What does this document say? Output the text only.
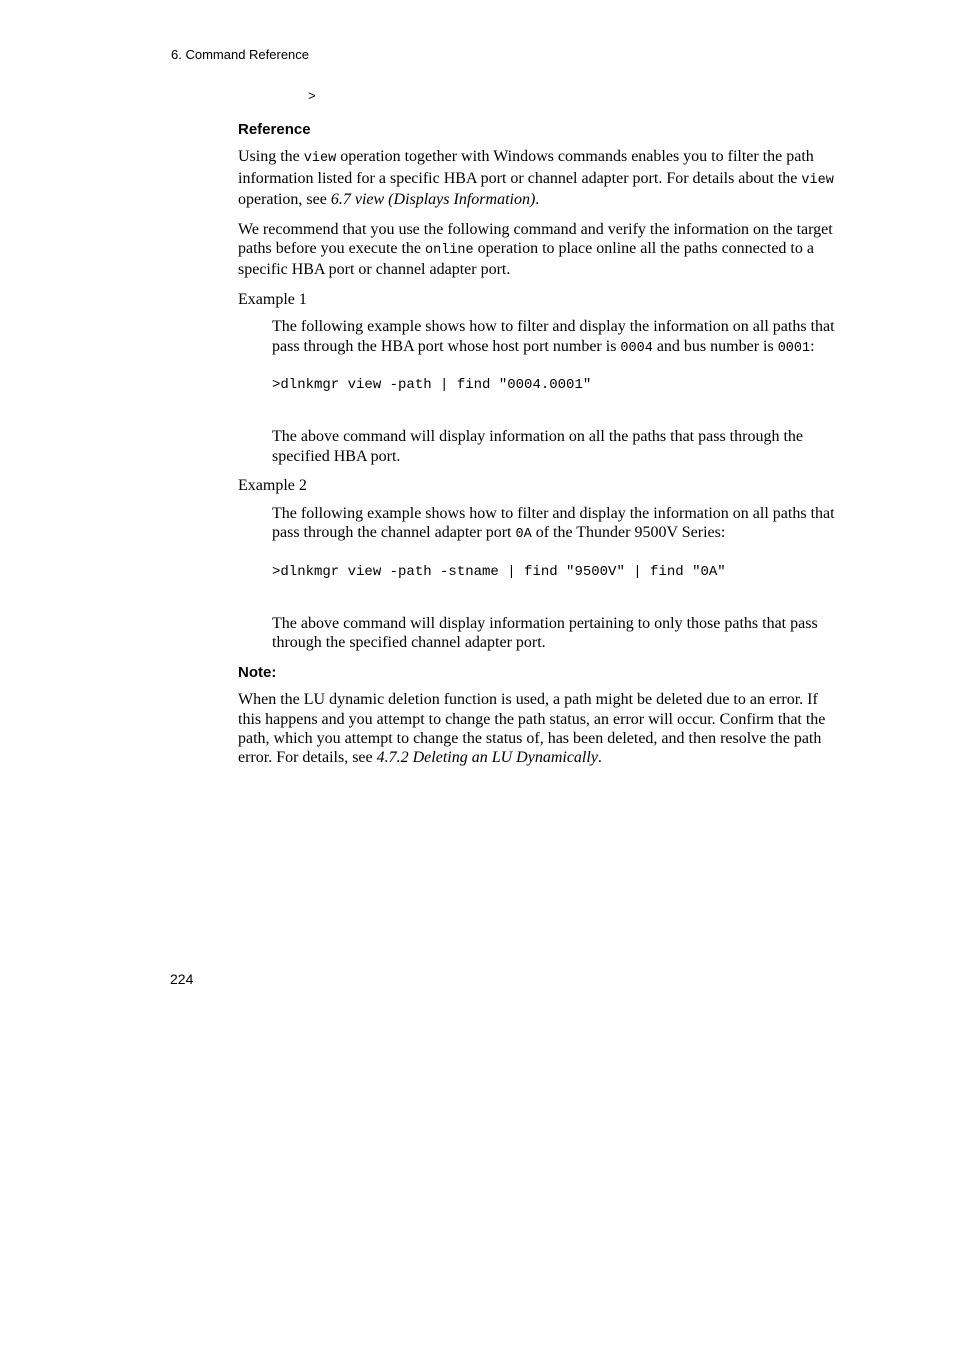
6. Command Reference
>
Reference

Using the view operation together with Windows commands enables you to filter the path information listed for a specific HBA port or channel adapter port. For details about the view operation, see 6.7 view (Displays Information).

We recommend that you use the following command and verify the information on the target paths before you execute the online operation to place online all the paths connected to a specific HBA port or channel adapter port.

Example 1

The following example shows how to filter and display the information on all paths that pass through the HBA port whose host port number is 0004 and bus number is 0001:

>dlnkmgr view -path | find "0004.0001"

The above command will display information on all the paths that pass through the specified HBA port.

Example 2

The following example shows how to filter and display the information on all paths that pass through the channel adapter port 0A of the Thunder 9500V Series:

>dlnkmgr view -path -stname | find "9500V" | find "0A"

The above command will display information pertaining to only those paths that pass through the specified channel adapter port.

Note:

When the LU dynamic deletion function is used, a path might be deleted due to an error. If this happens and you attempt to change the path status, an error will occur. Confirm that the path, which you attempt to change the status of, has been deleted, and then resolve the path error. For details, see 4.7.2 Deleting an LU Dynamically.

224
